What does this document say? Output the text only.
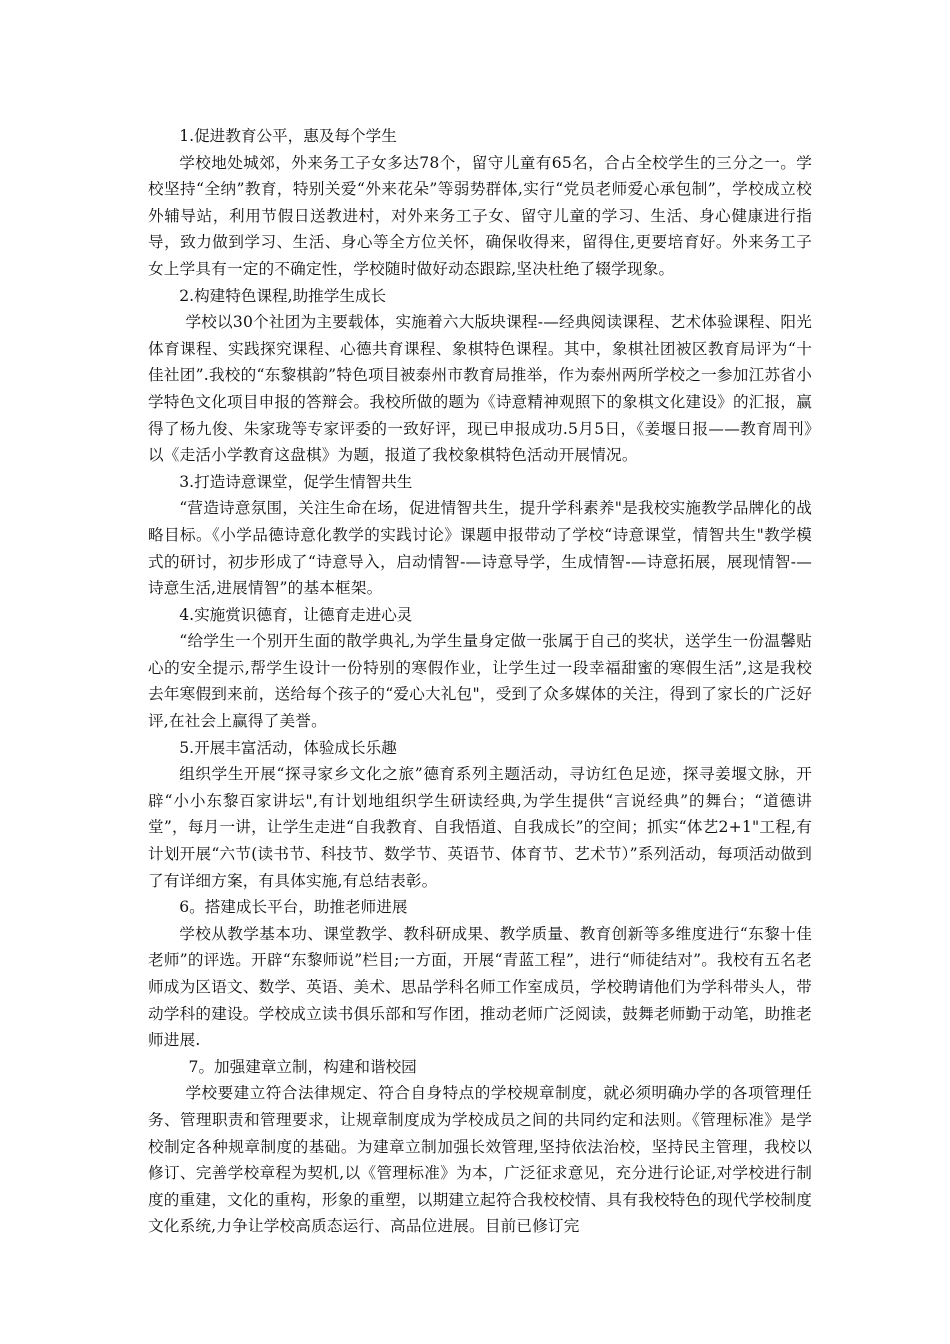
1.促进教育公平，惠及每个学生

学校地处城郊，外来务工子女多达78个，留守儿童有65名，合占全校学生的三分之一。学校坚持“全纳”教育，特别关爱“外来花朵”等弱势群体,实行“党员老师爱心承包制”，学校成立校外辅导站，利用节假日送教进村，对外来务工子女、留守儿童的学习、生活、身心健康进行指导，致力做到学习、生活、身心等全方位关怀，确保收得来，留得住,更要培育好。外来务工子女上学具有一定的不确定性，学校随时做好动态跟踪,坚决杜绝了辍学现象。

2.构建特色课程,助推学生成长

学校以30个社团为主要载体，实施着六大版块课程-—经典阅读课程、艺术体验课程、阳光体育课程、实践探究课程、心德共育课程、象棋特色课程。其中，象棋社团被区教育局评为“十佳社团”.我校的“东黎棋韵”特色项目被泰州市教育局推举，作为泰州两所学校之一参加江苏省小学特色文化项目申报的答辩会。我校所做的题为《诗意精神观照下的象棋文化建设》的汇报，赢得了杨九俊、朱家珑等专家评委的一致好评，现已申报成功.5月5日，《姜堰日报——教育周刊》以《走活小学教育这盘棋》为题，报道了我校象棋特色活动开展情况。

3.打造诗意课堂，促学生情智共生

“营造诗意氛围，关注生命在场，促进情智共生，提升学科素养"是我校实施教学品牌化的战略目标。《小学品德诗意化教学的实践讨论》课题申报带动了学校“诗意课堂，情智共生"教学模式的研讨，初步形成了“诗意导入，启动情智-—诗意导学，生成情智-—诗意拓展，展现情智-—诗意生活,进展情智”的基本框架。

4.实施赏识德育，让德育走进心灵

“给学生一个别开生面的散学典礼,为学生量身定做一张属于自己的奖状，送学生一份温馨贴心的安全提示,帮学生设计一份特别的寒假作业，让学生过一段幸福甜蜜的寒假生活”,这是我校去年寒假到来前，送给每个孩子的“爱心大礼包"，受到了众多媒体的关注，得到了家长的广泛好评,在社会上赢得了美誉。

5.开展丰富活动，体验成长乐趣

组织学生开展“探寻家乡文化之旅”德育系列主题活动，寻访红色足迹，探寻姜堰文脉，开辟“小小东黎百家讲坛",有计划地组织学生研读经典,为学生提供“言说经典”的舞台；“道德讲堂”，每月一讲，让学生走进“自我教育、自我悟道、自我成长”的空间；抓实“体艺2+1"工程,有计划开展“六节(读书节、科技节、数学节、英语节、体育节、艺术节）”系列活动，每项活动做到了有详细方案，有具体实施,有总结表彰。

6。搭建成长平台，助推老师进展

学校从教学基本功、课堂教学、教科研成果、教学质量、教育创新等多维度进行“东黎十佳老师”的评选。开辟“东黎师说”栏目;一方面，开展“青蓝工程”，进行“师徒结对”。我校有五名老师成为区语文、数学、英语、美术、思品学科名师工作室成员，学校聘请他们为学科带头人，带动学科的建设。学校成立读书俱乐部和写作团，推动老师广泛阅读，鼓舞老师勤于动笔，助推老师进展.

7。加强建章立制，构建和谐校园

学校要建立符合法律规定、符合自身特点的学校规章制度，就必须明确办学的各项管理任务、管理职责和管理要求，让规章制度成为学校成员之间的共同约定和法则。《管理标准》是学校制定各种规章制度的基础。为建章立制加强长效管理,坚持依法治校，坚持民主管理，我校以修订、完善学校章程为契机,以《管理标准》为本，广泛征求意见，充分进行论证,对学校进行制度的重建，文化的重构，形象的重塑，以期建立起符合我校校情、具有我校特色的现代学校制度文化系统,力争让学校高质态运行、高品位进展。目前已修订完
